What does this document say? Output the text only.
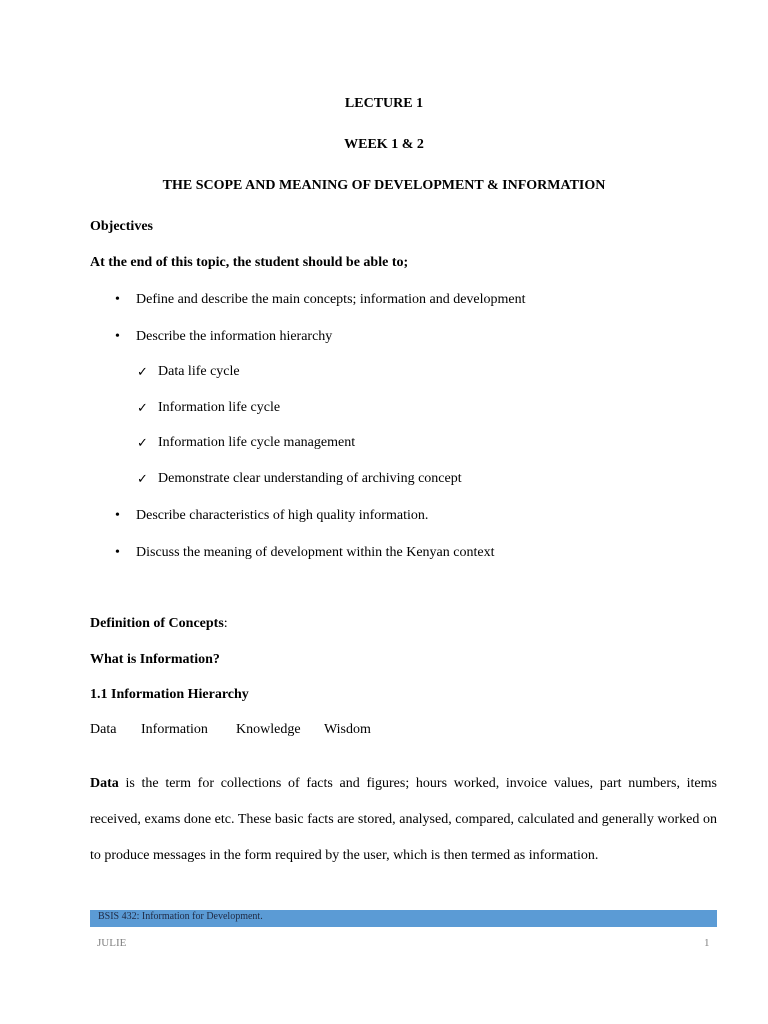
LECTURE 1
WEEK 1 & 2
THE SCOPE AND MEANING OF DEVELOPMENT & INFORMATION
Objectives
At the end of this topic, the student should be able to;
• Define and describe the main concepts; information and development
• Describe the information hierarchy
✓ Data life cycle
✓ Information life cycle
✓ Information life cycle management
✓ Demonstrate clear understanding of archiving concept
• Describe characteristics of high quality information.
• Discuss the meaning of development within the Kenyan context
Definition of Concepts:
What is Information?
1.1 Information Hierarchy
Data Information Knowledge Wisdom
Data is the term for collections of facts and figures; hours worked, invoice values, part numbers, items received, exams done etc. These basic facts are stored, analysed, compared, calculated and generally worked on to produce messages in the form required by the user, which is then termed as information.
BSIS 432: Information for Development.
JULIE	1
